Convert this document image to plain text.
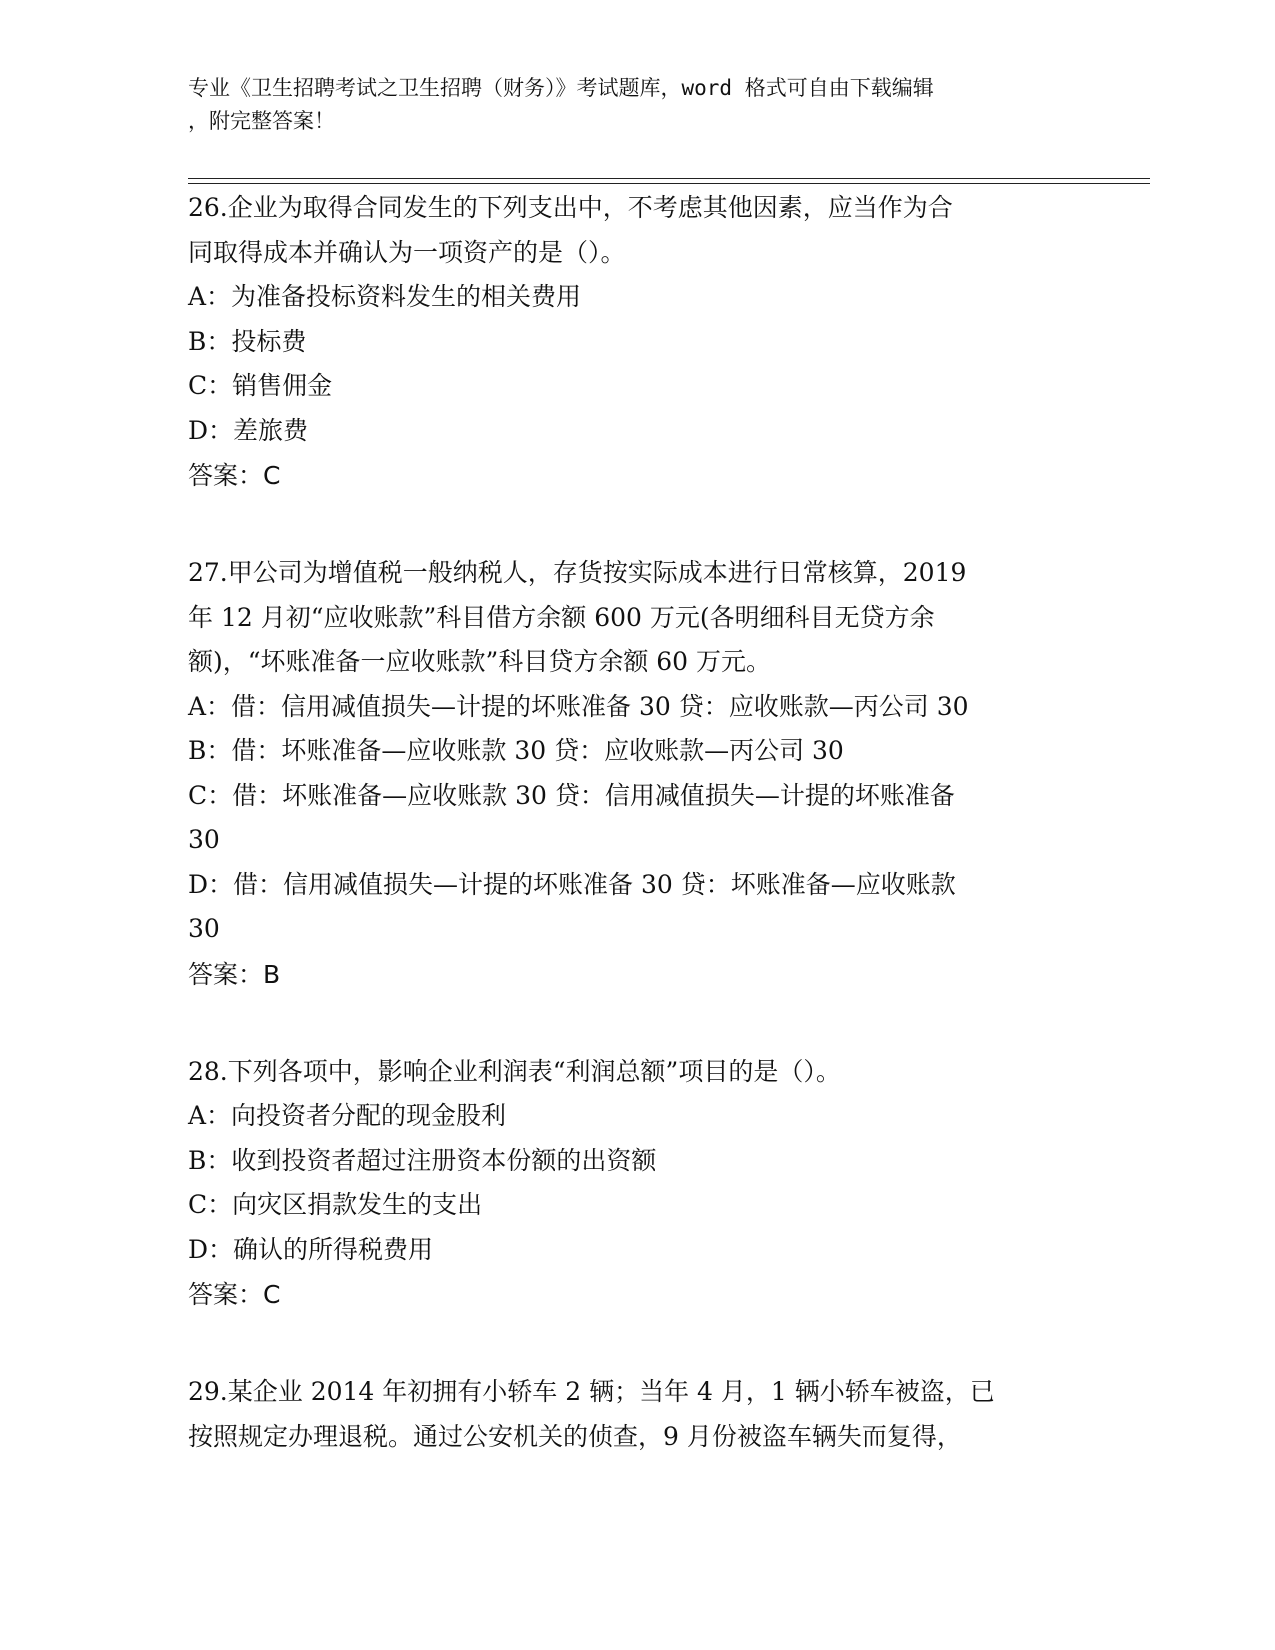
专业《卫生招聘考试之卫生招聘（财务）》考试题库，word 格式可自由下载编辑
，附完整答案！
26.企业为取得合同发生的下列支出中，不考虑其他因素，应当作为合
同取得成本并确认为一项资产的是（）。
A：为准备投标资料发生的相关费用
B：投标费
C：销售佣金
D：差旅费
答案：C
27.甲公司为增值税一般纳税人，存货按实际成本进行日常核算，2019
年 12 月初“应收账款”科目借方余额 600 万元(各明细科目无贷方余
额)，“坏账准备一应收账款”科目贷方余额 60 万元。
A：借：信用减值损失—计提的坏账准备 30 贷：应收账款—丙公司 30
B：借：坏账准备—应收账款 30 贷：应收账款—丙公司 30
C：借：坏账准备—应收账款 30 贷：信用减值损失—计提的坏账准备
30
D：借：信用减值损失—计提的坏账准备 30 贷：坏账准备—应收账款
30
答案：B
28.下列各项中，影响企业利润表“利润总额”项目的是（）。
A：向投资者分配的现金股利
B：收到投资者超过注册资本份额的出资额
C：向灾区捐款发生的支出
D：确认的所得税费用
答案：C
29.某企业 2014 年初拥有小轿车 2 辆；当年 4 月，1 辆小轿车被盗，已
按照规定办理退税。通过公安机关的侦查，9 月份被盗车辆失而复得，
